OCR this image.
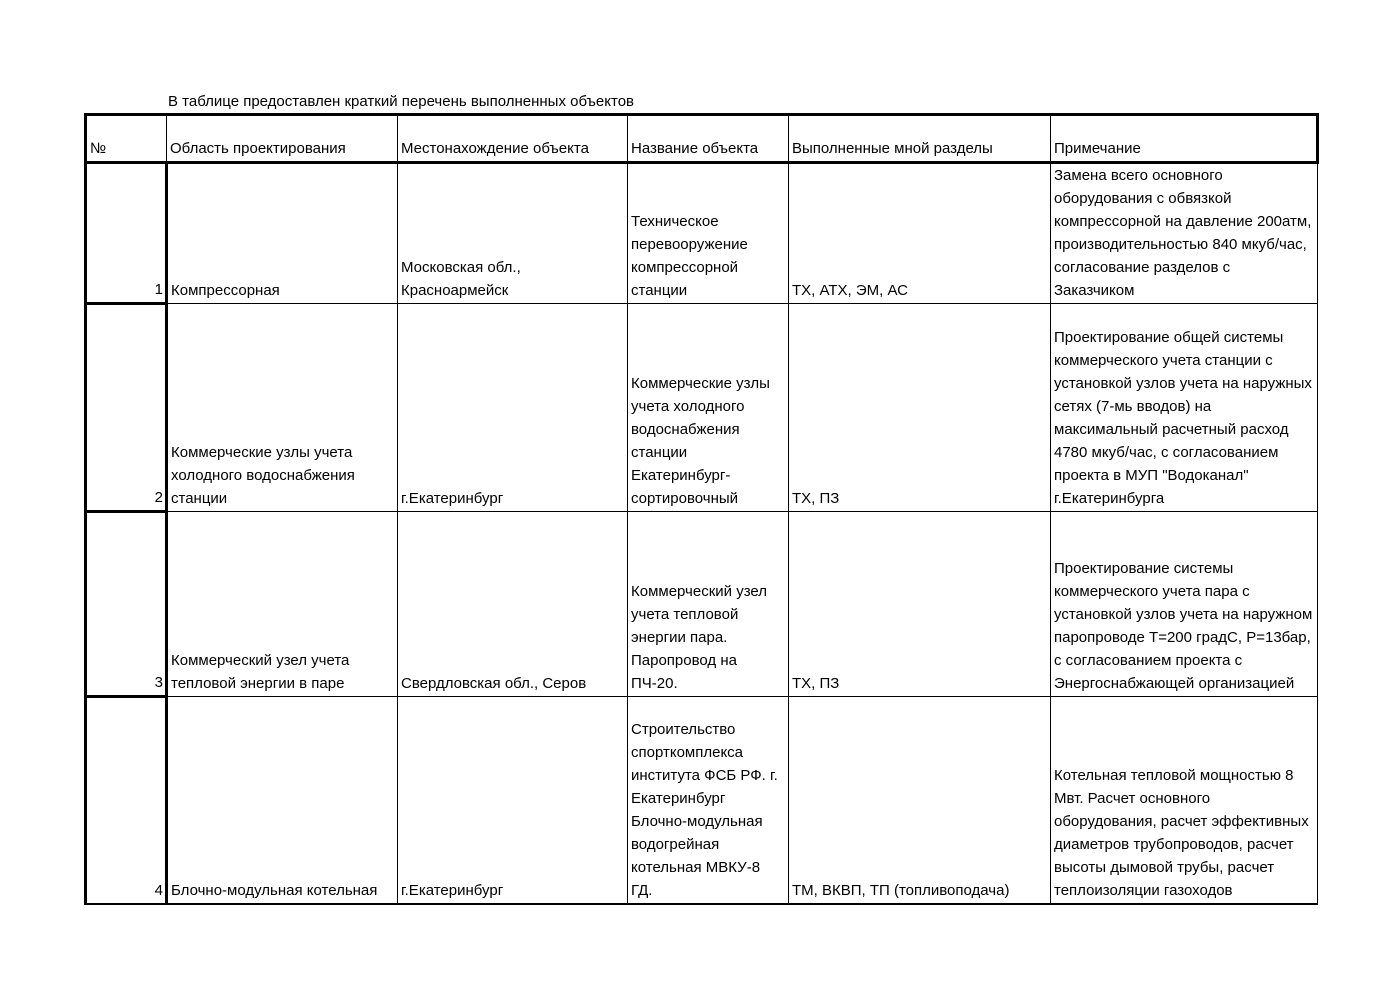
В таблице предоставлен краткий перечень выполненных объектов
№	Область проектирования	Местонахождение объекта	Название объекта	Выполненные мной разделы	Примечание
1	Компрессорная	Московская обл., Красноармейск	Техническое перевооружение компрессорной станции	ТХ, АТХ, ЭМ, АС	Замена всего основного оборудования с обвязкой компрессорной на давление 200атм, производительностью 840 мкуб/час, согласование разделов с Заказчиком
2	Коммерческие узлы учета холодного водоснабжения станции	г.Екатеринбург	Коммерческие узлы учета холодного водоснабжения станции Екатеринбург-сортировочный	ТХ, ПЗ	Проектирование общей системы коммерческого учета станции с установкой узлов учета на наружных сетях (7-мь вводов) на максимальный расчетный расход 4780 мкуб/час, с согласованием проекта в МУП "Водоканал" г.Екатеринбурга
3	Коммерческий узел учета тепловой энергии в паре	Свердловская обл., Серов	Коммерческий узел учета тепловой энергии пара. Паропровод на ПЧ-20.	ТХ, ПЗ	Проектирование системы коммерческого учета пара с установкой узлов учета на наружном паропроводе Т=200 градС, Р=13бар, с согласованием проекта с Энергоснабжающей организацией
4	Блочно-модульная котельная	г.Екатеринбург	Строительство спорткомплекса института ФСБ РФ. г. Екатеринбург Блочно-модульная водогрейная котельная МВКУ-8 ГД.	ТМ, ВКВП, ТП (топливоподача)	Котельная тепловой мощностью 8 Мвт. Расчет основного оборудования, расчет эффективных диаметров трубопроводов, расчет высоты дымовой трубы, расчет теплоизоляции газоходов
